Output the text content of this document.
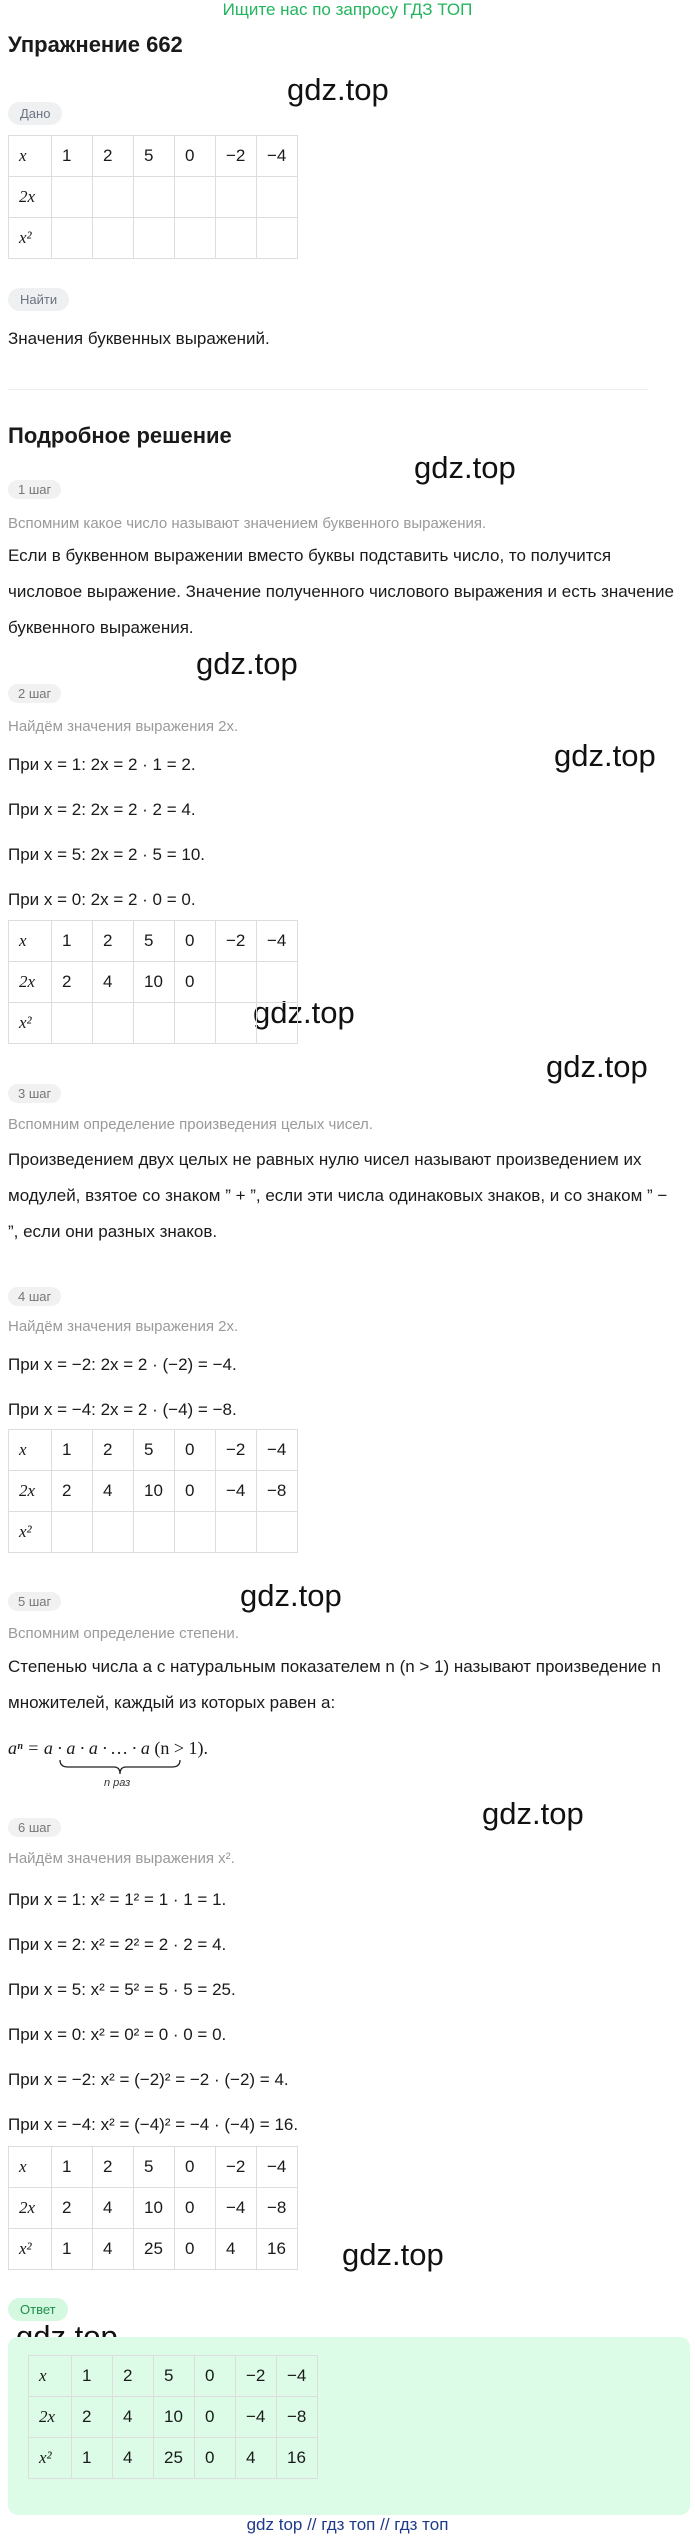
Ищите нас по запросу ГДЗ ТОП
Упражнение 662
gdz.top
gdz.top
gdz.top
gdz.top
gdz.top
gdz.top
gdz.top
gdz.top
gdz.top
Дано
x	1	2	5	0	−2	−4
2x						
x²						
Найти
Значения буквенных выражений.
Подробное решение
1 шаг
Вспомним какое число называют значением буквенного выражения.
Если в буквенном выражении вместо буквы подставить число, то получится числовое выражение. Значение полученного числового выражения и есть значение буквенного выражения.
2 шаг
Найдём значения выражения 2x.
При x = 1: 2x = 2 · 1 = 2.
При x = 2: 2x = 2 · 2 = 4.
При x = 5: 2x = 2 · 5 = 10.
При x = 0: 2x = 2 · 0 = 0.
x	1	2	5	0	−2	−4
2x	2	4	10	0		
x²						
3 шаг
Вспомним определение произведения целых чисел.
Произведением двух целых не равных нулю чисел называют произведением их модулей, взятое со знаком ” + ”, если эти числа одинаковых знаков, и со знаком ” − ”, если они разных знаков.
4 шаг
Найдём значения выражения 2x.
При x = −2: 2x = 2 · (−2) = −4.
При x = −4: 2x = 2 · (−4) = −8.
x	1	2	5	0	−2	−4
2x	2	4	10	0	−4	−8
x²						
5 шаг
Вспомним определение степени.
Степенью числа a с натуральным показателем n (n > 1) называют произведение n множителей, каждый из которых равен a:
aⁿ = a · a · a · … · a (n > 1).
n раз
6 шаг
Найдём значения выражения x².
При x = 1: x² = 1² = 1 · 1 = 1.
При x = 2: x² = 2² = 2 · 2 = 4.
При x = 5: x² = 5² = 5 · 5 = 25.
При x = 0: x² = 0² = 0 · 0 = 0.
При x = −2: x² = (−2)² = −2 · (−2) = 4.
При x = −4: x² = (−4)² = −4 · (−4) = 16.
x	1	2	5	0	−2	−4
2x	2	4	10	0	−4	−8
x²	1	4	25	0	4	16
Ответ
x	1	2	5	0	−2	−4
2x	2	4	10	0	−4	−8
x²	1	4	25	0	4	16
gdz top // гдз топ // гдз топ
